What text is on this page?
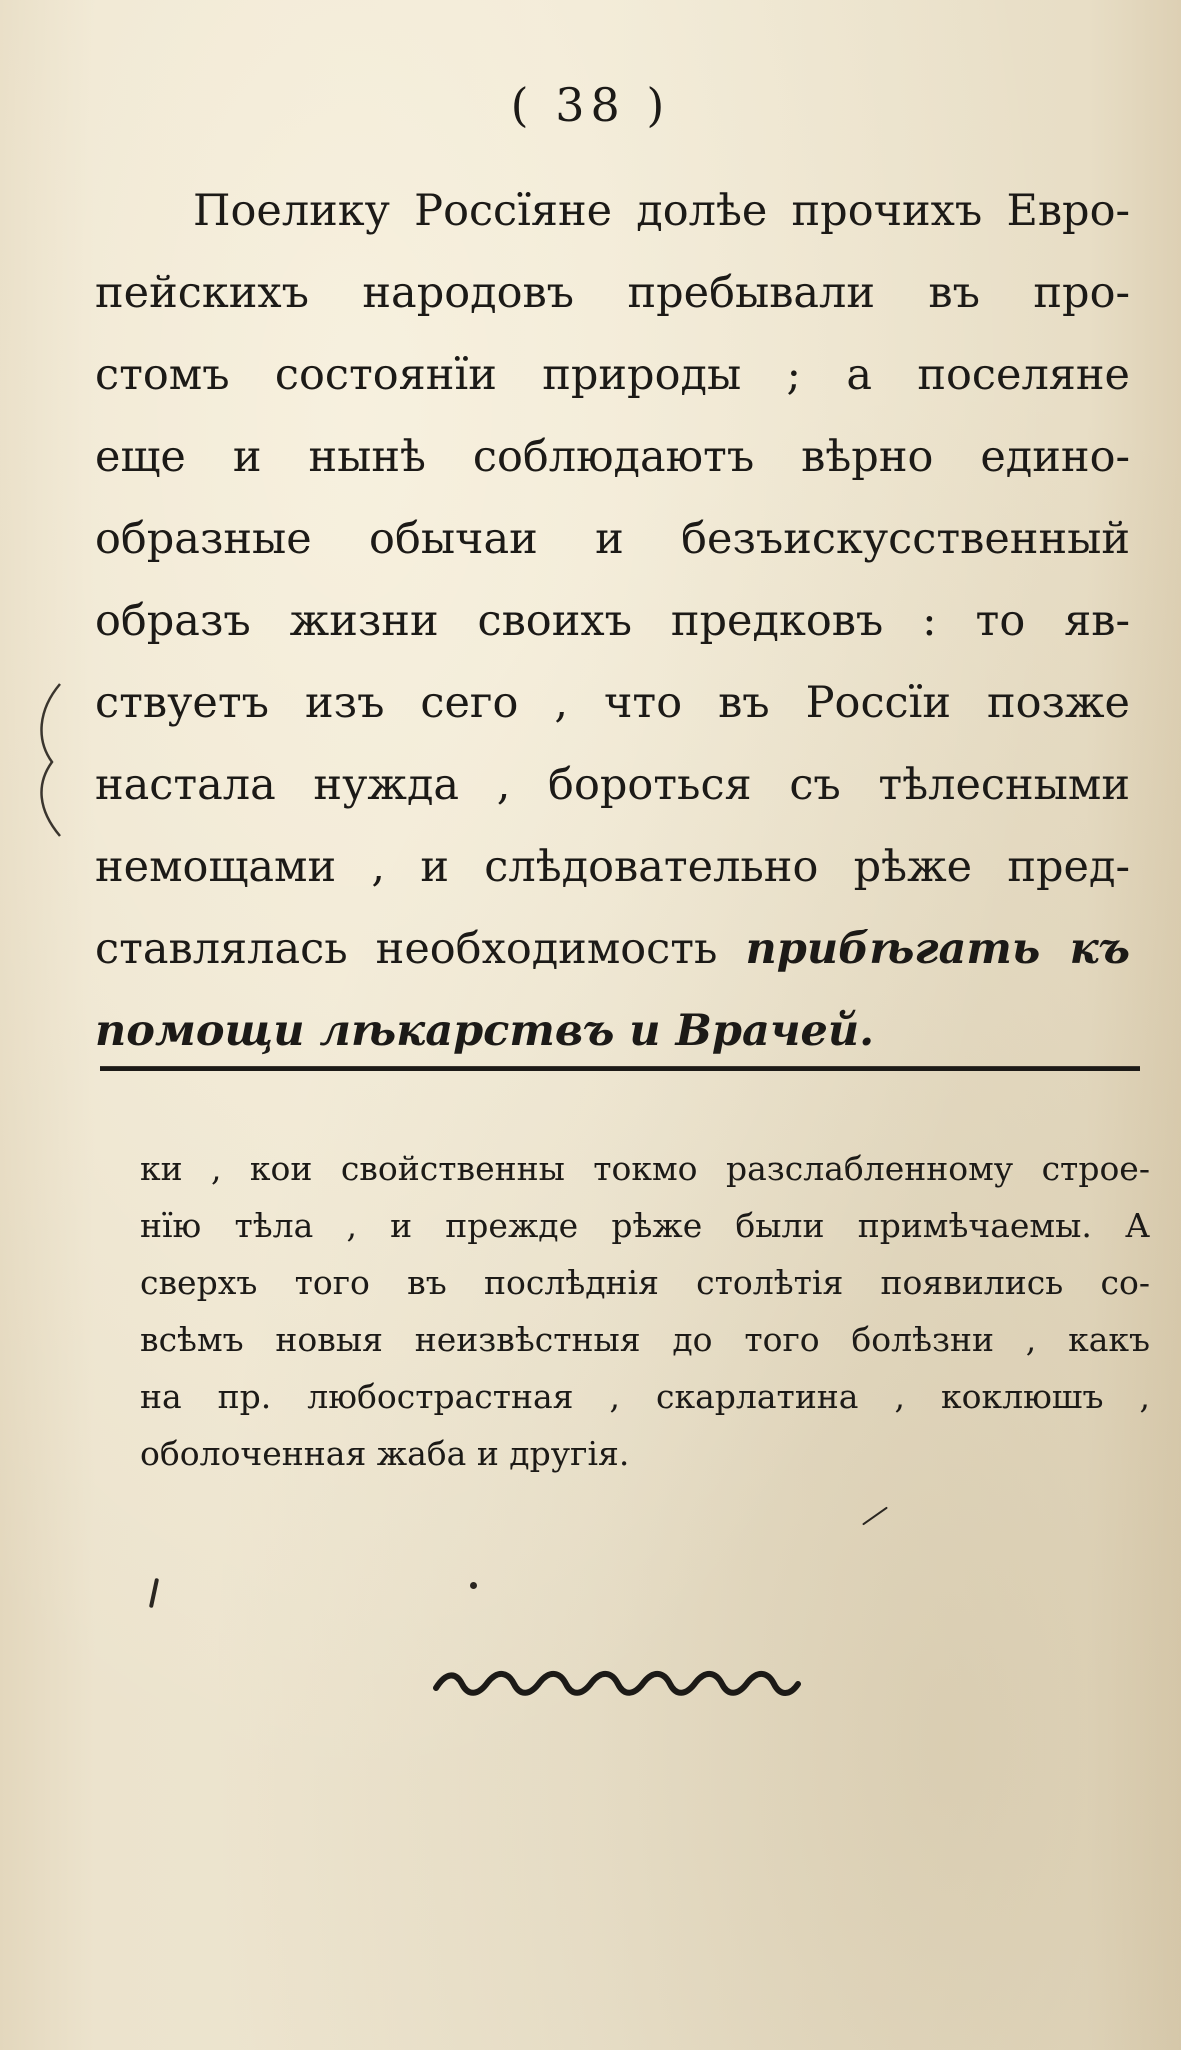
( 38 )
Поелику Россїяне долѣе прочихъ Евро-
пейскихъ народовъ пребывали въ про-
стомъ состоянїи природы ; а поселяне
еще и нынѣ соблюдаютъ вѣрно едино-
образные обычаи и безъискусственный
образъ жизни своихъ предковъ : то яв-
ствуетъ изъ сего , что въ Россїи позже
настала нужда , бороться съ тѣлесными
немощами , и слѣдовательно рѣже пред-
ставлялась необходимость прибѣгать къ
помощи лѣкарствъ и Врачей.
ки , кои свойственны токмо разслабленному строе-
нїю тѣла , и прежде рѣже были примѣчаемы. А
сверхъ того въ послѣднія столѣтія появились со-
всѣмъ новыя неизвѣстныя до того болѣзни , какъ
на пр. любострастная , скарлатина , коклюшъ ,
оболоченная жаба и другія.
